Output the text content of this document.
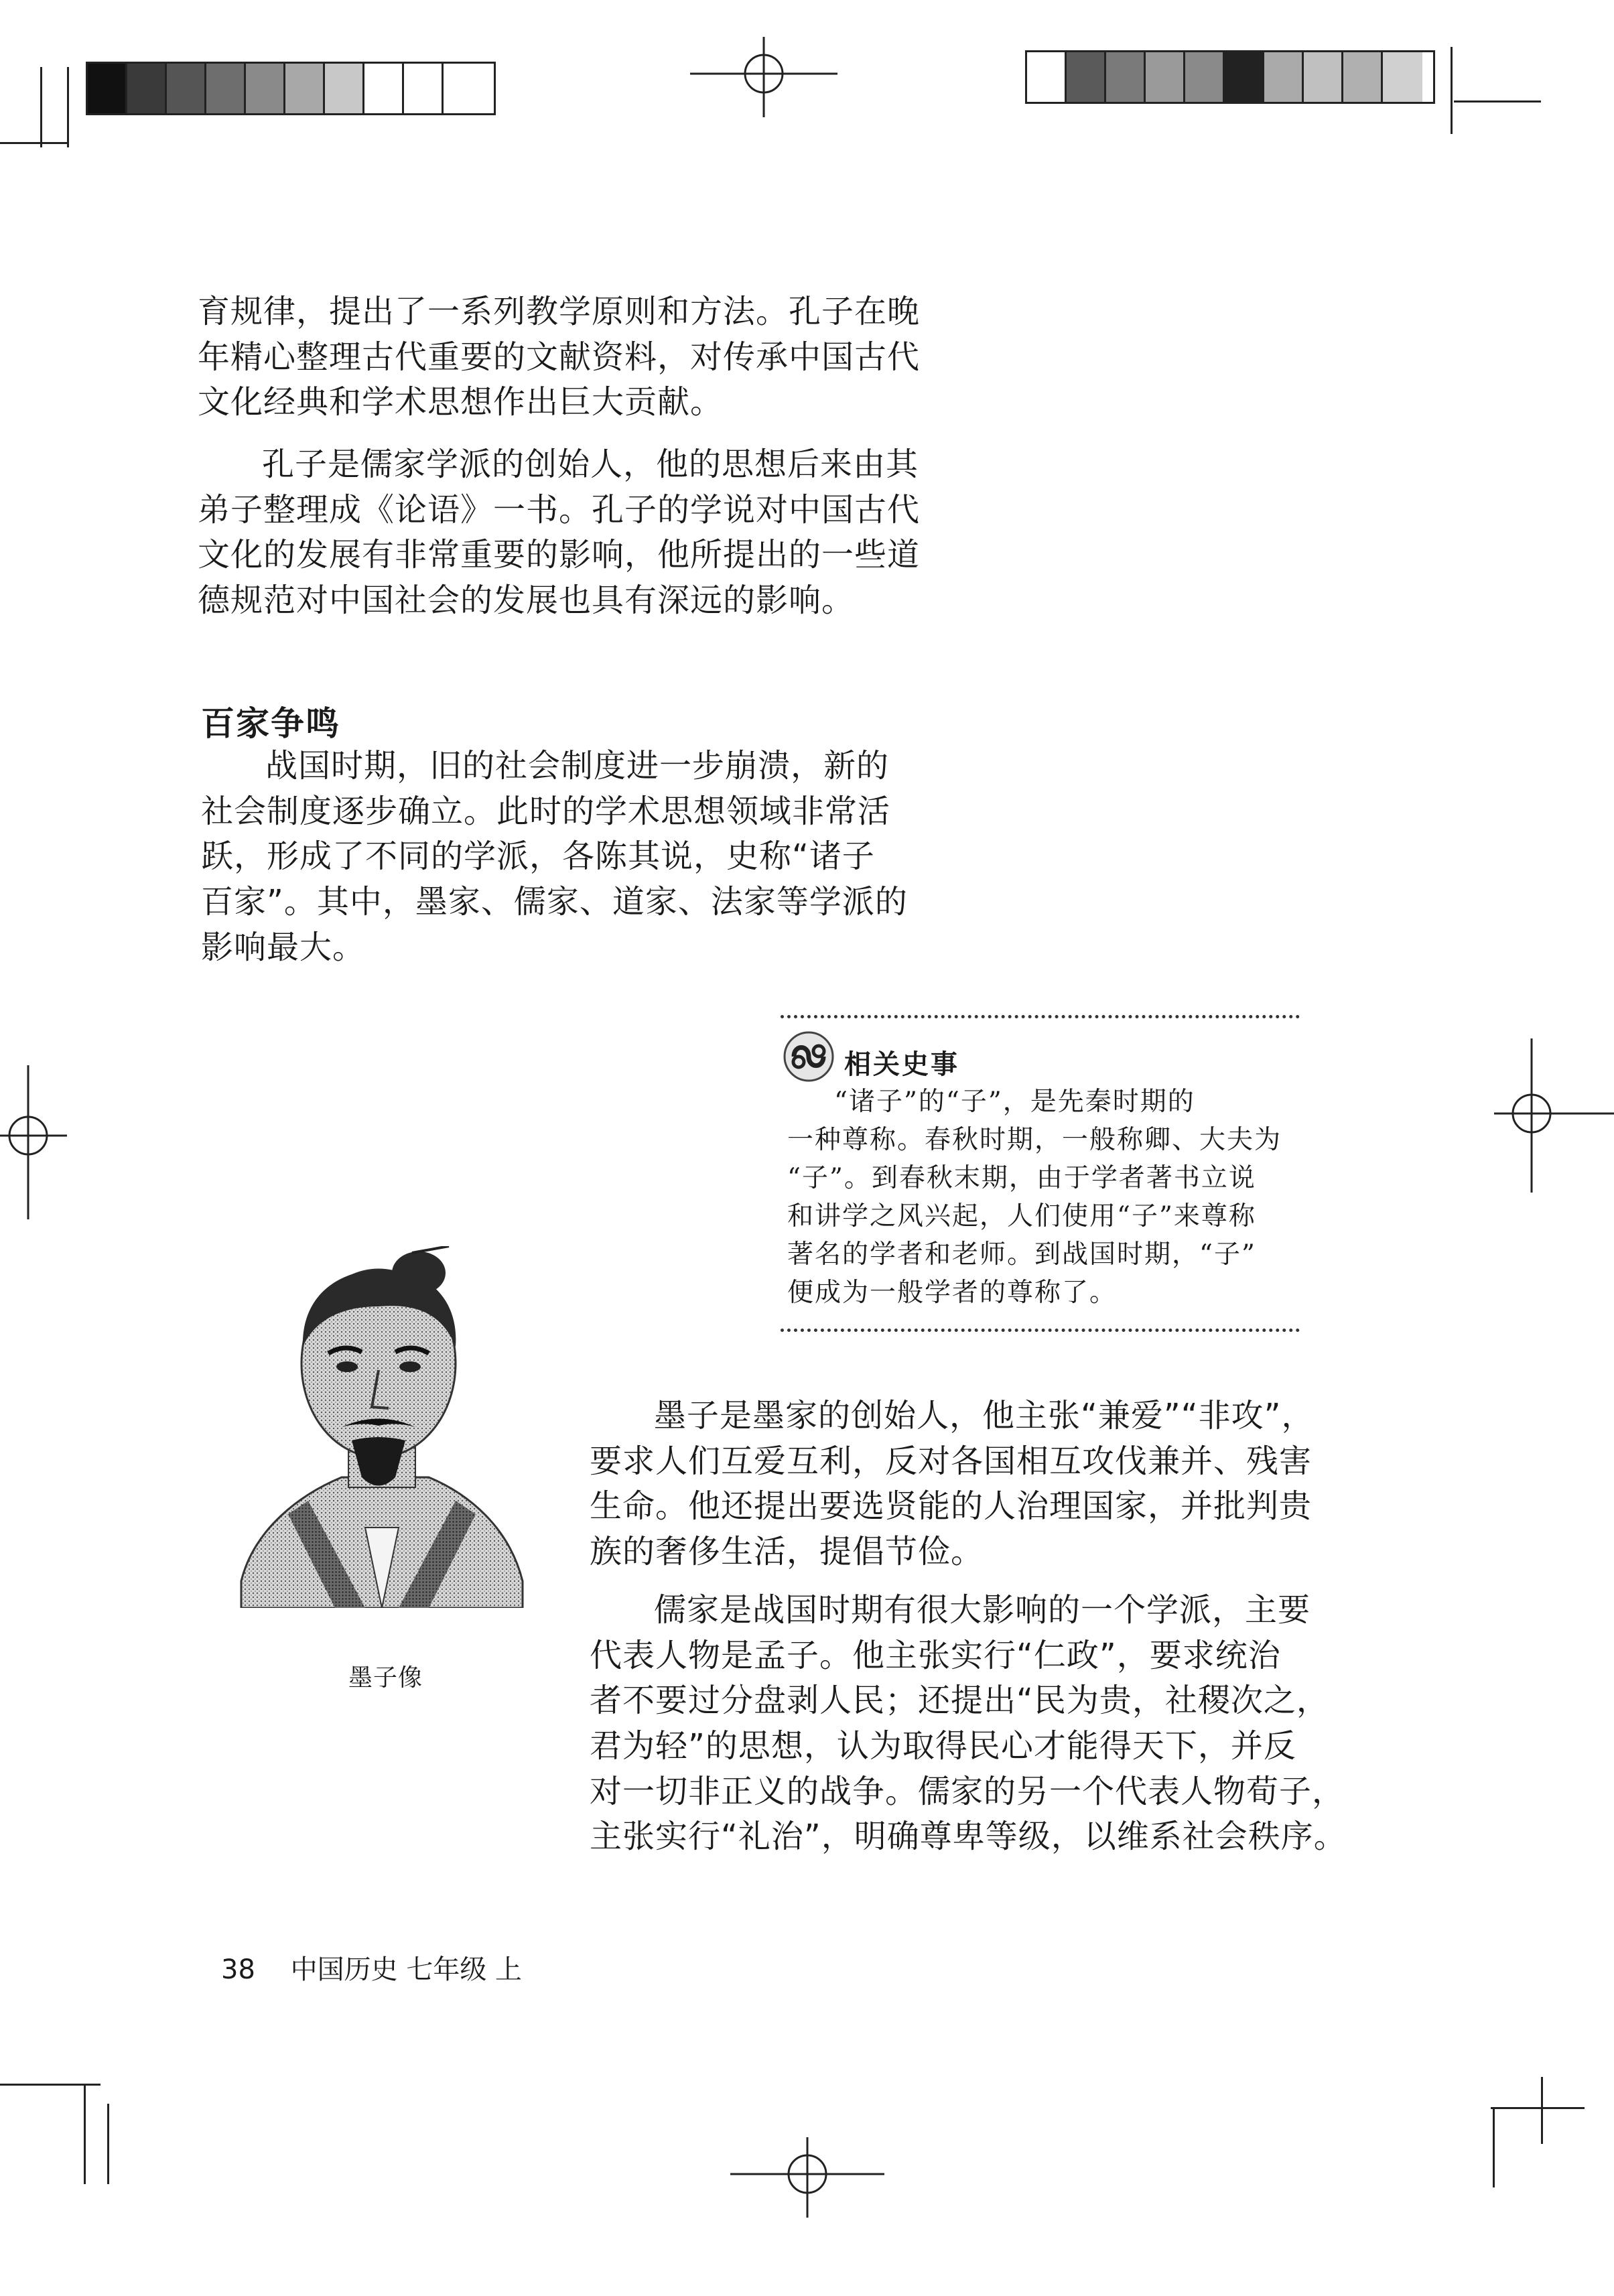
育规律，提出了一系列教学原则和方法。孔子在晚
年精心整理古代重要的文献资料，对传承中国古代
文化经典和学术思想作出巨大贡献。
孔子是儒家学派的创始人，他的思想后来由其
弟子整理成《论语》一书。孔子的学说对中国古代
文化的发展有非常重要的影响，他所提出的一些道
德规范对中国社会的发展也具有深远的影响。
百家争鸣
战国时期，旧的社会制度进一步崩溃，新的
社会制度逐步确立。此时的学术思想领域非常活
跃，形成了不同的学派，各陈其说，史称“诸子
百家”。其中，墨家、儒家、道家、法家等学派的
影响最大。
相关史事
“诸子”的“子”，是先秦时期的
一种尊称。春秋时期，一般称卿、大夫为
“子”。到春秋末期，由于学者著书立说
和讲学之风兴起，人们使用“子”来尊称
著名的学者和老师。到战国时期，“子”
便成为一般学者的尊称了。
墨子像
墨子是墨家的创始人，他主张“兼爱”“非攻”，
要求人们互爱互利，反对各国相互攻伐兼并、残害
生命。他还提出要选贤能的人治理国家，并批判贵
族的奢侈生活，提倡节俭。
儒家是战国时期有很大影响的一个学派，主要
代表人物是孟子。他主张实行“仁政”，要求统治
者不要过分盘剥人民；还提出“民为贵，社稷次之，
君为轻”的思想，认为取得民心才能得天下，并反
对一切非正义的战争。儒家的另一个代表人物荀子，
主张实行“礼治”，明确尊卑等级，以维系社会秩序。
38 中国历史 七年级 上
